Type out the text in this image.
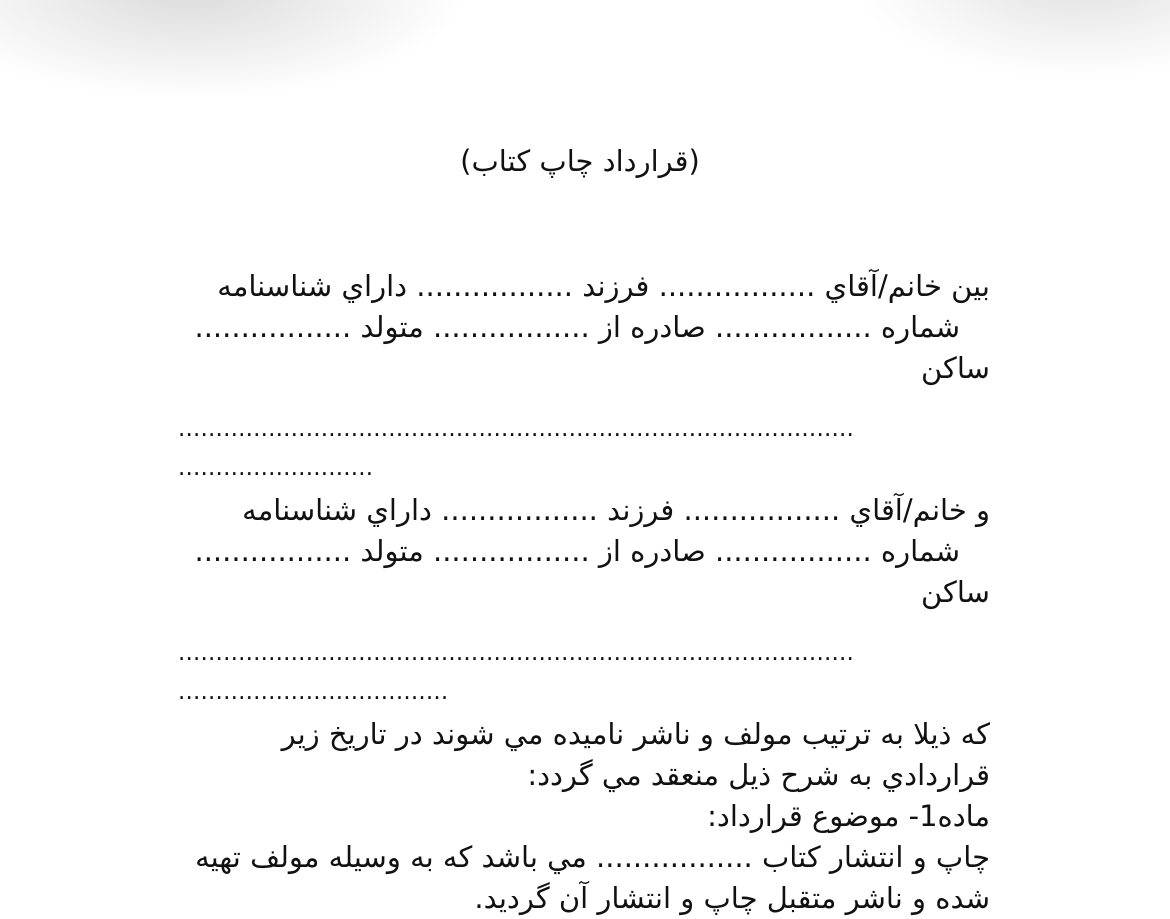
(قرارداد چاپ کتاب)
بین خانم/آقاي ................. فرزند ................. داراي شناسنامه
شماره ................. صادره از ................. متولد .................
ساكن
..........................................................................................
..........................
و خانم/آقاي ................. فرزند ................. داراي شناسنامه
شماره ................. صادره از ................. متولد .................
ساكن
..........................................................................................
....................................
كه ذيلا به ترتيب مولف و ناشر ناميده مي شوند در تاريخ زير
قراردادي به شرح ذيل منعقد مي گردد:
ماده1- موضوع قرارداد:
چاپ و انتشار كتاب ................. مي باشد كه به وسيله مولف تهيه
شده و ناشر متقبل چاپ و انتشار آن گرديد.
